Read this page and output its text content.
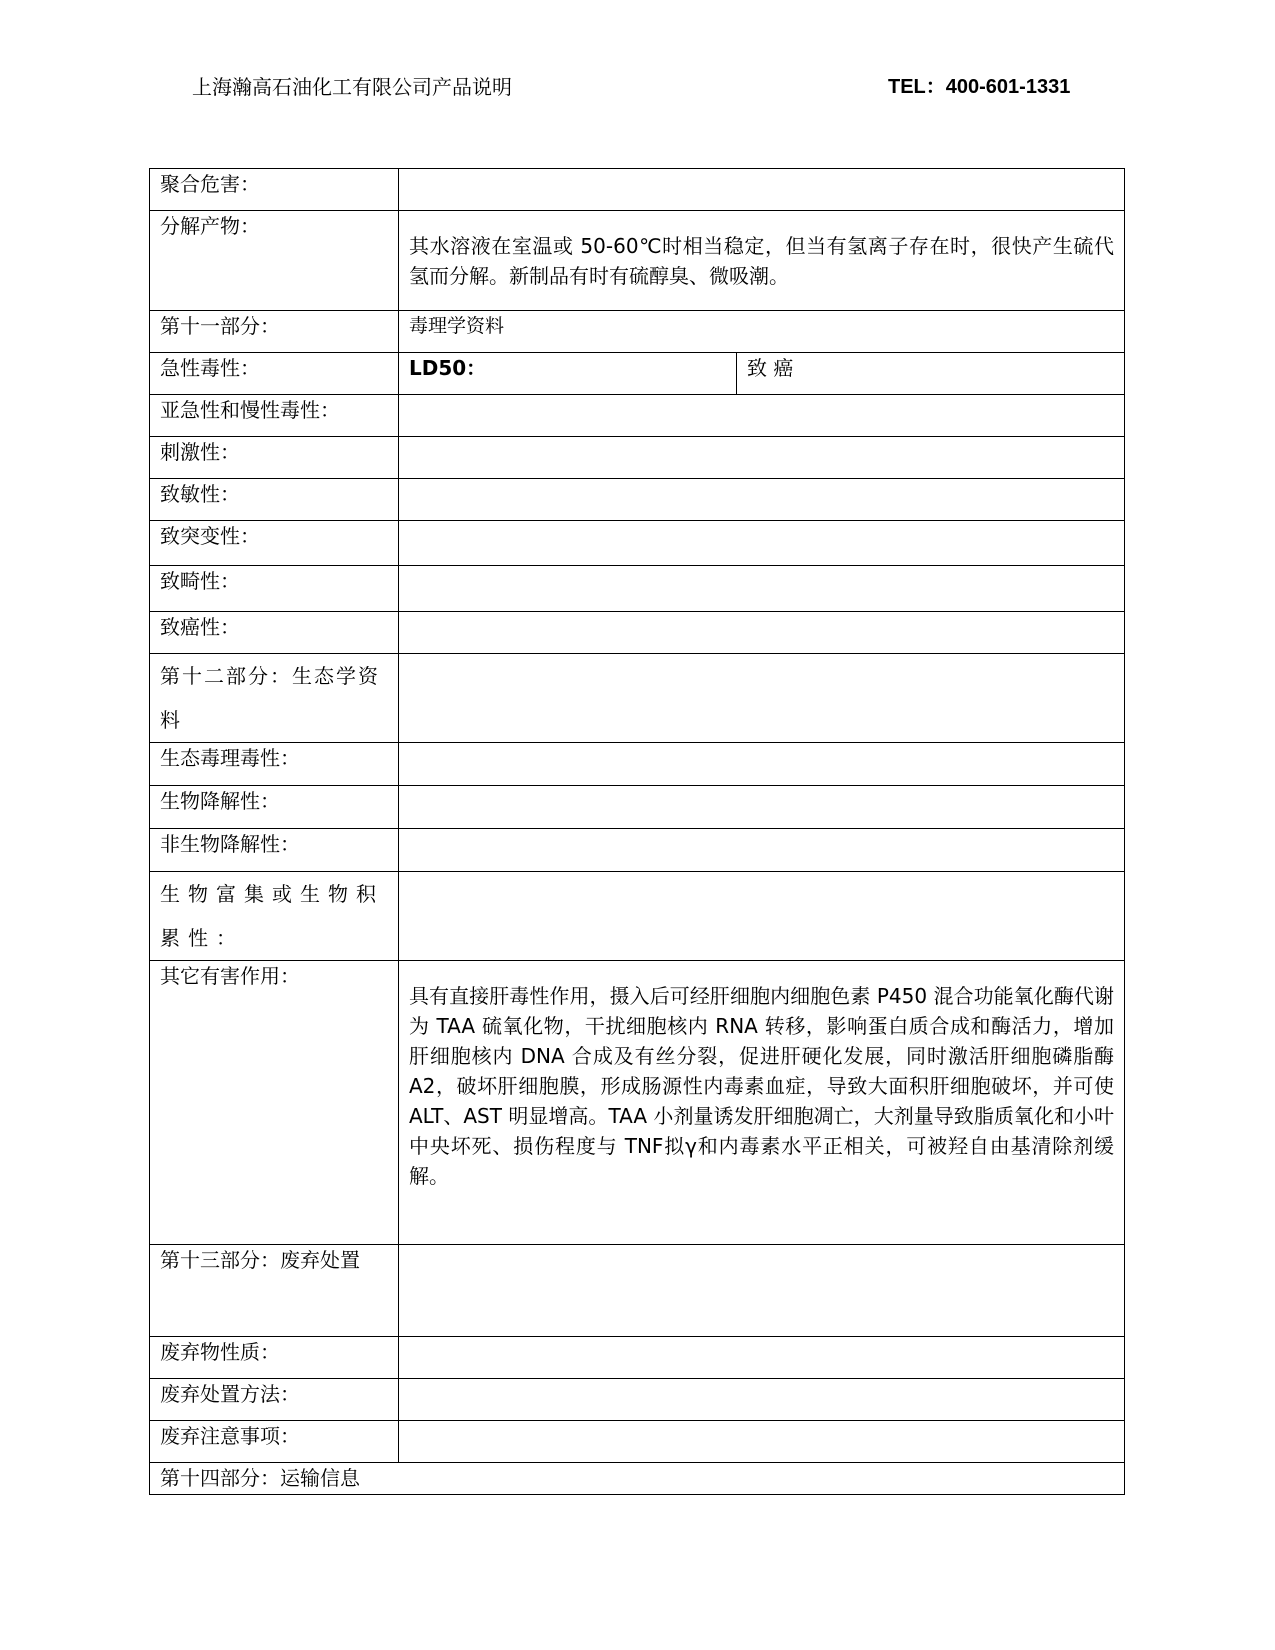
上海瀚高石油化工有限公司产品说明	TEL：400-601-1331
聚合危害：		
分解产物：	其水溶液在室温或 50-60℃时相当稳定，但当有氢离子存在时，很快产生硫代氢而分解。新制品有时有硫醇臭、微吸潮。	
第十一部分：	毒理学资料	
急性毒性：	LD50：	致 癌
亚急性和慢性毒性：		
刺激性：		
致敏性：		
致突变性：		
致畸性：		
致癌性：		
第十二部分：生态学资料		
生态毒理毒性：		
生物降解性：		
非生物降解性：		
生物富集或生物积累性：		
其它有害作用：	具有直接肝毒性作用，摄入后可经肝细胞内细胞色素 P450 混合功能氧化酶代谢为 TAA 硫氧化物，干扰细胞核内 RNA 转移，影响蛋白质合成和酶活力，增加肝细胞核内 DNA 合成及有丝分裂，促进肝硬化发展，同时激活肝细胞磷脂酶 A2，破坏肝细胞膜，形成肠源性内毒素血症，导致大面积肝细胞破坏，并可使 ALT、AST 明显增高。TAA 小剂量诱发肝细胞凋亡，大剂量导致脂质氧化和小叶中央坏死、损伤程度与 TNF拟γ和内毒素水平正相关，可被羟自由基清除剂缓解。	
第十三部分：废弃处置		
废弃物性质：		
废弃处置方法：		
废弃注意事项：		
第十四部分：运输信息		
